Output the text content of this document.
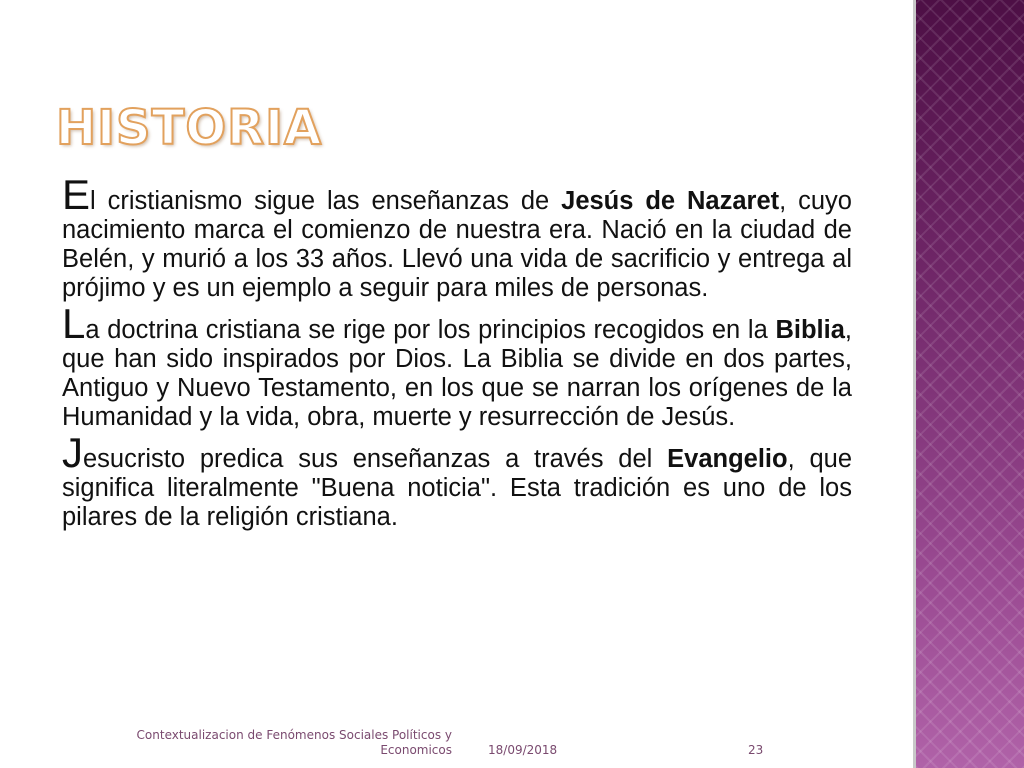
HISTORIA

El cristianismo sigue las enseñanzas de Jesús de Nazaret, cuyo nacimiento marca el comienzo de nuestra era. Nació en la ciudad de Belén, y murió a los 33 años. Llevó una vida de sacrificio y entrega al prójimo y es un ejemplo a seguir para miles de personas.

La doctrina cristiana se rige por los principios recogidos en la Biblia, que han sido inspirados por Dios. La Biblia se divide en dos partes, Antiguo y Nuevo Testamento, en los que se narran los orígenes de la Humanidad y la vida, obra, muerte y resurrección de Jesús.

Jesucristo predica sus enseñanzas a través del Evangelio, que significa literalmente "Buena noticia". Esta tradición es uno de los pilares de la religión cristiana.

Contextualizacion de Fenómenos Sociales Políticos y
Economicos	18/09/2018	23
